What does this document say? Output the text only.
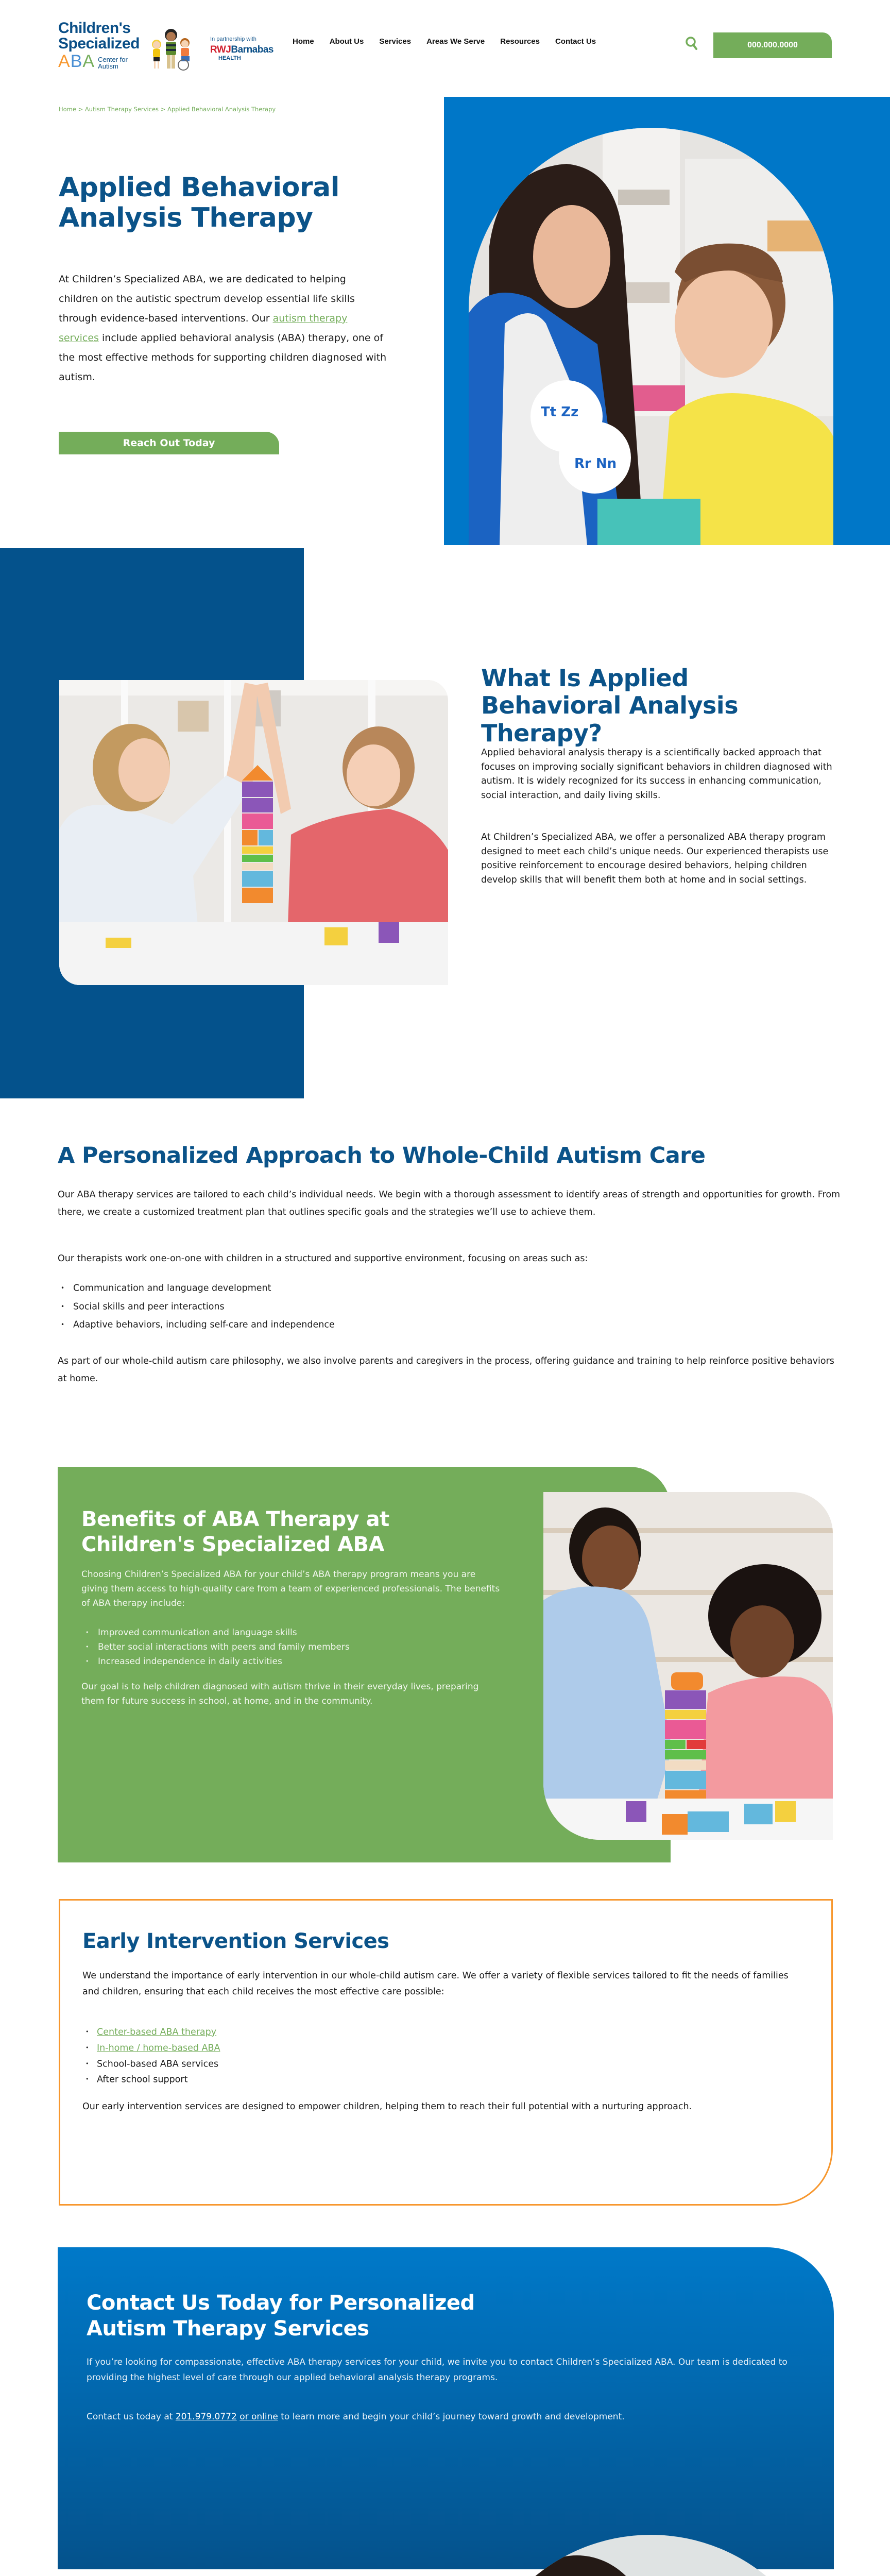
Children's
Specialized
ABA Center for
Autism
In partnership with
RWJBarnabas
HEALTH
Home About Us Services Areas We Serve Resources Contact Us	000.000.0000
Home > Autism Therapy Services > Applied Behavioral Analysis Therapy
Tt Zz
Rr Nn
Applied Behavioral
Analysis Therapy

At Children’s Specialized ABA, we are dedicated to helping children on the autistic spectrum develop essential life skills through evidence-based interventions. Our autism therapy services include applied behavioral analysis (ABA) therapy, one of the most effective methods for supporting children diagnosed with autism.

Reach Out Today
What Is Applied Behavioral Analysis Therapy?

Applied behavioral analysis therapy is a scientifically backed approach that focuses on improving socially significant behaviors in children diagnosed with autism. It is widely recognized for its success in enhancing communication, social interaction, and daily living skills.

At Children’s Specialized ABA, we offer a personalized ABA therapy program designed to meet each child’s unique needs. Our experienced therapists use positive reinforcement to encourage desired behaviors, helping children develop skills that will benefit them both at home and in social settings.

A Personalized Approach to Whole-Child Autism Care

Our ABA therapy services are tailored to each child’s individual needs. We begin with a thorough assessment to identify areas of strength and opportunities for growth. From there, we create a customized treatment plan that outlines specific goals and the strategies we’ll use to achieve them.

Our therapists work one-on-one with children in a structured and supportive environment, focusing on areas such as:

• Communication and language development
• Social skills and peer interactions
• Adaptive behaviors, including self-care and independence

As part of our whole-child autism care philosophy, we also involve parents and caregivers in the process, offering guidance and training to help reinforce positive behaviors at home.

Benefits of ABA Therapy at Children's Specialized ABA

Choosing Children’s Specialized ABA for your child’s ABA therapy program means you are giving them access to high-quality care from a team of experienced professionals. The benefits of ABA therapy include:

• Improved communication and language skills
• Better social interactions with peers and family members
• Increased independence in daily activities

Our goal is to help children diagnosed with autism thrive in their everyday lives, preparing them for future success in school, at home, and in the community.

Early Intervention Services

We understand the importance of early intervention in our whole-child autism care. We offer a variety of flexible services tailored to fit the needs of families and children, ensuring that each child receives the most effective care possible:

• Center-based ABA therapy
• In-home / home-based ABA
• School-based ABA services
• After school support

Our early intervention services are designed to empower children, helping them to reach their full potential with a nurturing approach.

Contact Us Today for Personalized
Autism Therapy Services

If you’re looking for compassionate, effective ABA therapy services for your child, we invite you to contact Children’s Specialized ABA. Our team is dedicated to providing the highest level of care through our applied behavioral analysis therapy programs.

Contact us today at 201.979.0772 or online to learn more and begin your child’s journey toward growth and development.
